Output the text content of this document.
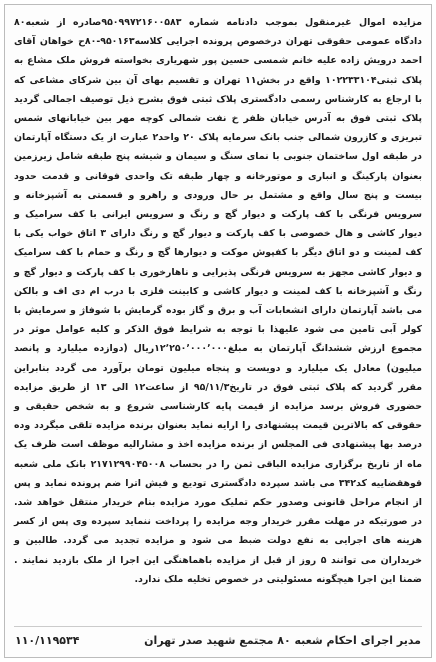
مزایده اموال غیرمنقول بموجب دادنامه شماره ۹۵۰۹۹۷۲۱۶۰۰۵۸۳صادره از شعبه۸۰ دادگاه عمومی حقوقی تهران درخصوص پرونده اجرایی کلاسه۹۵۰۱۶۳-۸۰ح خواهان آقای احمد درویش زاده علیه خانم شمسی حسین پور شهریاری بخواسته فروش ملک مشاع به پلاک ثبتی۱۰۲۲۳۳۱۰۴ واقع در بخش۱۱ تهران و تقسیم بهای آن بین شرکای مشاعی که با ارجاع به کارشناس رسمی دادگستری پلاک ثبتی فوق بشرح ذیل توصیف اجمالی گردید پلاک ثبتی فوق به آدرس خیابان ظفر خ نفت شمالی کوچه مهر بین خیابانهای شمس تبریزی و کازرون شمالی جنب بانک سرمایه پلاک ۲۰ واحد۲ عبارت از یک دستگاه آپارتمان در طبقه اول ساختمان جنوبی با نمای سنگ و سیمان و شیشه پنج طبقه شامل زیرزمین بعنوان پارکینگ و انباری و موتورخانه و چهار طبقه تک واحدی فوقانی و قدمت حدود بیست و پنج سال واقع و مشتمل بر حال ورودی و راهرو و قسمتی به آشپزخانه و سرویس فرنگی با کف پارکت و دیوار گچ و رنگ و سرویس ایرانی با کف سرامیک و دیوار کاشی و هال خصوصی با کف پارکت و دیوار گچ و رنگ دارای ۳ اتاق خواب یکی با کف لمینت و دو اتاق دیگر با کفپوش موکت و دیوارها گچ و رنگ و حمام با کف سرامیک و دیوار کاشی مجهز به سرویس فرنگی پذیرایی و ناهارخوری با کف پارکت و دیوار گچ و رنگ و آشپزخانه با کف لمینت و دیوار کاشی و کابینت فلزی با درب ام دی اف و بالکن می باشد آپارتمان دارای انشعابات آب و برق و گاز بوده گرمایش با شوفاژ و سرمایش با کولر آبی تامین می شود علیهذا با توجه به شرایط فوق الذکر و کلیه عوامل موثر در مجموع ارزش ششدانگ آپارتمان به مبلغ۱۲٬۲۵۰٬۰۰۰٬۰۰۰ریال (دوازده میلیارد و پانصد میلیون) معادل یک میلیارد و دویست و پنجاه میلیون تومان برآورد می گردد بنابراین مقرر گردید که پلاک ثبتی فوق در تاریخ۹۵/۱۱/۳ از ساعت۱۲ الی ۱۳ از طریق مزایده حضوری فروش برسد مزایده از قیمت پایه کارشناسی شروع و به شخص حقیقی و حقوقی که بالاترین قیمت پیشنهادی را ارایه نماید بعنوان برنده مزایده تلقی میگردد وده درصد بها پیشنهادی فی المجلس از برنده مزایده اخذ و مشارالیه موظف است ظرف یک ماه از تاریخ برگزاری مزایده الباقی ثمن را در بحساب ۲۱۷۱۲۹۹۰۴۵۰۰۸ بانک ملی شعبه قوهقضاییه کد۳۴۲ می باشد سپرده دادگستری تودیع و فیش اترا ضم پرونده نماید و پس از انجام مراحل قانونی وصدور حکم تملیک مورد مزایده بنام خریدار منتقل خواهد شد. در صورتیکه در مهلت مقرر خریدار وجه مزایده را پرداخت ننماید سپرده وی پس از کسر هزینه های اجرایی به نفع دولت ضبط می شود و مزایده تجدید می گردد. طالبین و خریداران می توانند ۵ روز از قبل از مزایده باهماهنگی این اجرا از ملک بازدید نمایند . ضمنا این اجرا هیچگونه مسئولیتی در خصوص تخلیه ملک ندارد.

مدیر اجرای احکام شعبه ۸۰ مجتمع شهید صدر تهران
۱۱۰/۱۱۹۵۳۴
